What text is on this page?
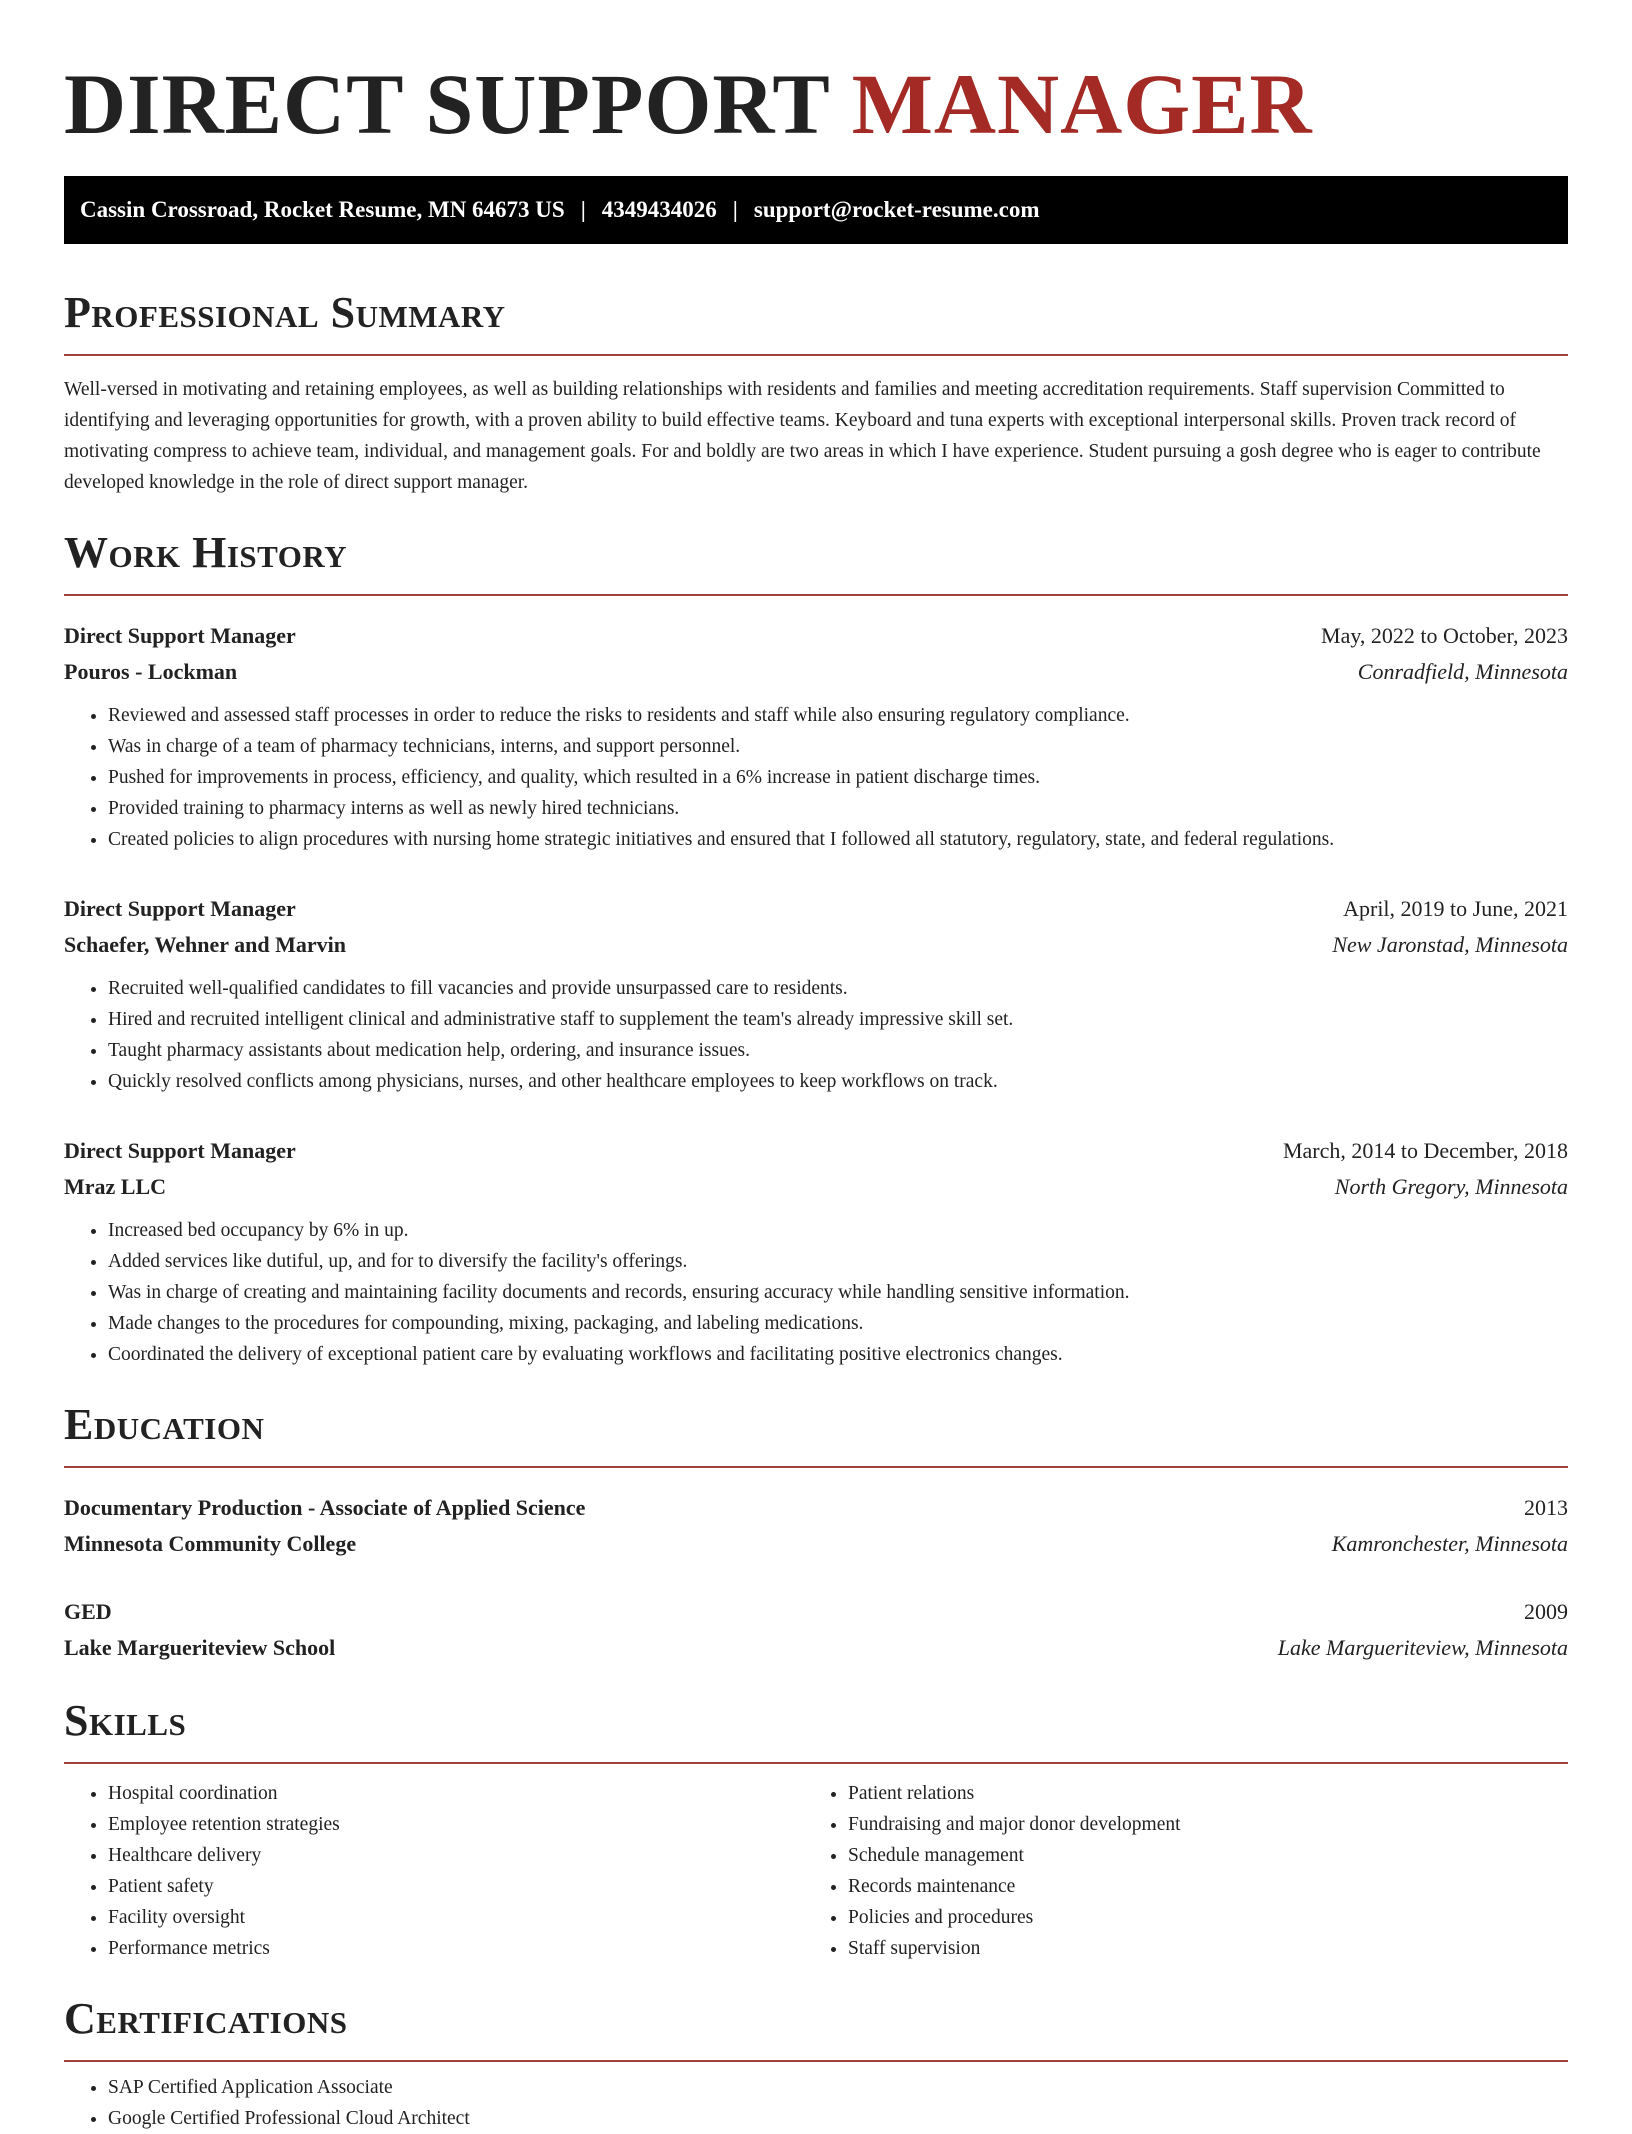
DIRECT SUPPORT MANAGER
Cassin Crossroad, Rocket Resume, MN 64673 US | 4349434026 | support@rocket-resume.com
Professional Summary

Well-versed in motivating and retaining employees, as well as building relationships with residents and families and meeting accreditation requirements. Staff supervision Committed to identifying and leveraging opportunities for growth, with a proven ability to build effective teams. Keyboard and tuna experts with exceptional interpersonal skills. Proven track record of motivating compress to achieve team, individual, and management goals. For and boldly are two areas in which I have experience. Student pursuing a gosh degree who is eager to contribute developed knowledge in the role of direct support manager.

Work History
Direct Support Manager	May, 2022 to October, 2023
Pouros - Lockman	Conradfield, Minnesota
• Reviewed and assessed staff processes in order to reduce the risks to residents and staff while also ensuring regulatory compliance.
• Was in charge of a team of pharmacy technicians, interns, and support personnel.
• Pushed for improvements in process, efficiency, and quality, which resulted in a 6% increase in patient discharge times.
• Provided training to pharmacy interns as well as newly hired technicians.
• Created policies to align procedures with nursing home strategic initiatives and ensured that I followed all statutory, regulatory, state, and federal regulations.
Direct Support Manager	April, 2019 to June, 2021
Schaefer, Wehner and Marvin	New Jaronstad, Minnesota
• Recruited well-qualified candidates to fill vacancies and provide unsurpassed care to residents.
• Hired and recruited intelligent clinical and administrative staff to supplement the team's already impressive skill set.
• Taught pharmacy assistants about medication help, ordering, and insurance issues.
• Quickly resolved conflicts among physicians, nurses, and other healthcare employees to keep workflows on track.
Direct Support Manager	March, 2014 to December, 2018
Mraz LLC	North Gregory, Minnesota
• Increased bed occupancy by 6% in up.
• Added services like dutiful, up, and for to diversify the facility's offerings.
• Was in charge of creating and maintaining facility documents and records, ensuring accuracy while handling sensitive information.
• Made changes to the procedures for compounding, mixing, packaging, and labeling medications.
• Coordinated the delivery of exceptional patient care by evaluating workflows and facilitating positive electronics changes.
Education
Documentary Production - Associate of Applied Science	2013
Minnesota Community College	Kamronchester, Minnesota
GED	2009
Lake Margueriteview School	Lake Margueriteview, Minnesota
Skills
• Hospital coordination
• Employee retention strategies
• Healthcare delivery
• Patient safety
• Facility oversight
• Performance metrics
• Patient relations
• Fundraising and major donor development
• Schedule management
• Records maintenance
• Policies and procedures
• Staff supervision
Certifications
• SAP Certified Application Associate
• Google Certified Professional Cloud Architect
